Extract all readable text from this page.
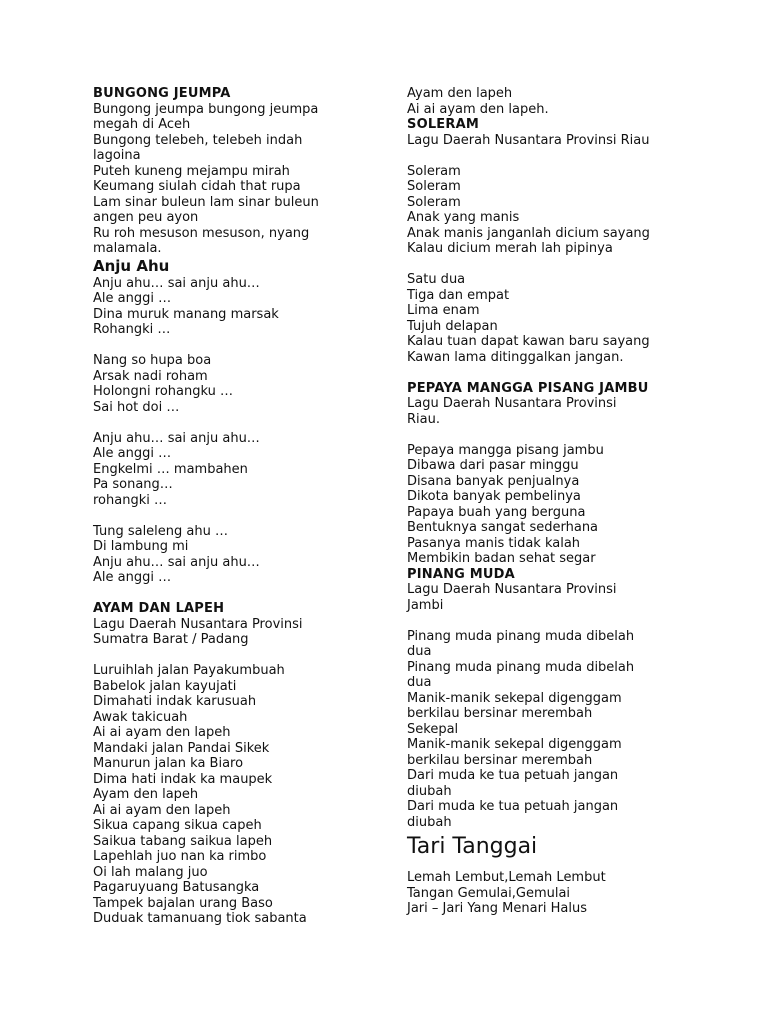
BUNGONG JEUMPA
Bungong jeumpa bungong jeumpa
megah di Aceh
Bungong telebeh, telebeh indah
lagoina
Puteh kuneng mejampu mirah
Keumang siulah cidah that rupa
Lam sinar buleun lam sinar buleun
angen peu ayon
Ru roh mesuson mesuson, nyang
malamala.
Anju Ahu
Anju ahu… sai anju ahu…
Ale anggi …
Dina muruk manang marsak
Rohangki …
Nang so hupa boa
Arsak nadi roham
Holongni rohangku …
Sai hot doi …
Anju ahu… sai anju ahu…
Ale anggi …
Engkelmi … mambahen
Pa sonang…
rohangki …
Tung saleleng ahu …
Di lambung mi
Anju ahu… sai anju ahu…
Ale anggi …
AYAM DAN LAPEH
Lagu Daerah Nusantara Provinsi
Sumatra Barat / Padang
Luruihlah jalan Payakumbuah
Babelok jalan kayujati
Dimahati indak karusuah
Awak takicuah
Ai ai ayam den lapeh
Mandaki jalan Pandai Sikek
Manurun jalan ka Biaro
Dima hati indak ka maupek
Ayam den lapeh
Ai ai ayam den lapeh
Sikua capang sikua capeh
Saikua tabang saikua lapeh
Lapehlah juo nan ka rimbo
Oi lah malang juo
Pagaruyuang Batusangka
Tampek bajalan urang Baso
Duduak tamanuang tiok sabanta
Ayam den lapeh
Ai ai ayam den lapeh.
SOLERAM
Lagu Daerah Nusantara Provinsi Riau
Soleram
Soleram
Soleram
Anak yang manis
Anak manis janganlah dicium sayang
Kalau dicium merah lah pipinya
Satu dua
Tiga dan empat
Lima enam
Tujuh delapan
Kalau tuan dapat kawan baru sayang
Kawan lama ditinggalkan jangan.
PEPAYA MANGGA PISANG JAMBU
Lagu Daerah Nusantara Provinsi
Riau.
Pepaya mangga pisang jambu
Dibawa dari pasar minggu
Disana banyak penjualnya
Dikota banyak pembelinya
Papaya buah yang berguna
Bentuknya sangat sederhana
Pasanya manis tidak kalah
Membikin badan sehat segar
PINANG MUDA
Lagu Daerah Nusantara Provinsi
Jambi
Pinang muda pinang muda dibelah
dua
Pinang muda pinang muda dibelah
dua
Manik-manik sekepal digenggam
berkilau bersinar merembah
Sekepal
Manik-manik sekepal digenggam
berkilau bersinar merembah
Dari muda ke tua petuah jangan
diubah
Dari muda ke tua petuah jangan
diubah
Tari Tanggai
Lemah Lembut,Lemah Lembut
Tangan Gemulai,Gemulai
Jari – Jari Yang Menari Halus
